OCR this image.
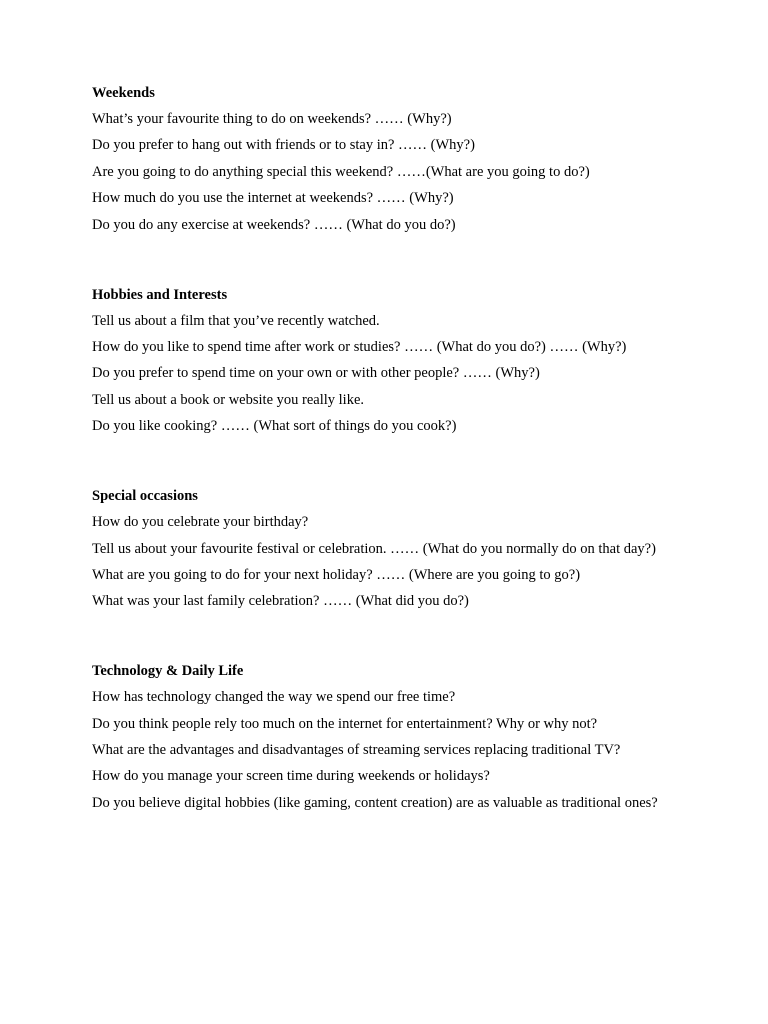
Weekends
What’s your favourite thing to do on weekends? …… (Why?)
Do you prefer to hang out with friends or to stay in? …… (Why?)
Are you going to do anything special this weekend? ……(What are you going to do?)
How much do you use the internet at weekends? …… (Why?)
Do you do any exercise at weekends? …… (What do you do?)
Hobbies and Interests
Tell us about a film that you’ve recently watched.
How do you like to spend time after work or studies? …… (What do you do?) …… (Why?)
Do you prefer to spend time on your own or with other people? …… (Why?)
Tell us about a book or website you really like.
Do you like cooking? …… (What sort of things do you cook?)
Special occasions
How do you celebrate your birthday?
Tell us about your favourite festival or celebration. …… (What do you normally do on that day?)
What are you going to do for your next holiday? …… (Where are you going to go?)
What was your last family celebration? …… (What did you do?)
Technology & Daily Life
How has technology changed the way we spend our free time?
Do you think people rely too much on the internet for entertainment? Why or why not?
What are the advantages and disadvantages of streaming services replacing traditional TV?
How do you manage your screen time during weekends or holidays?
Do you believe digital hobbies (like gaming, content creation) are as valuable as traditional ones?
